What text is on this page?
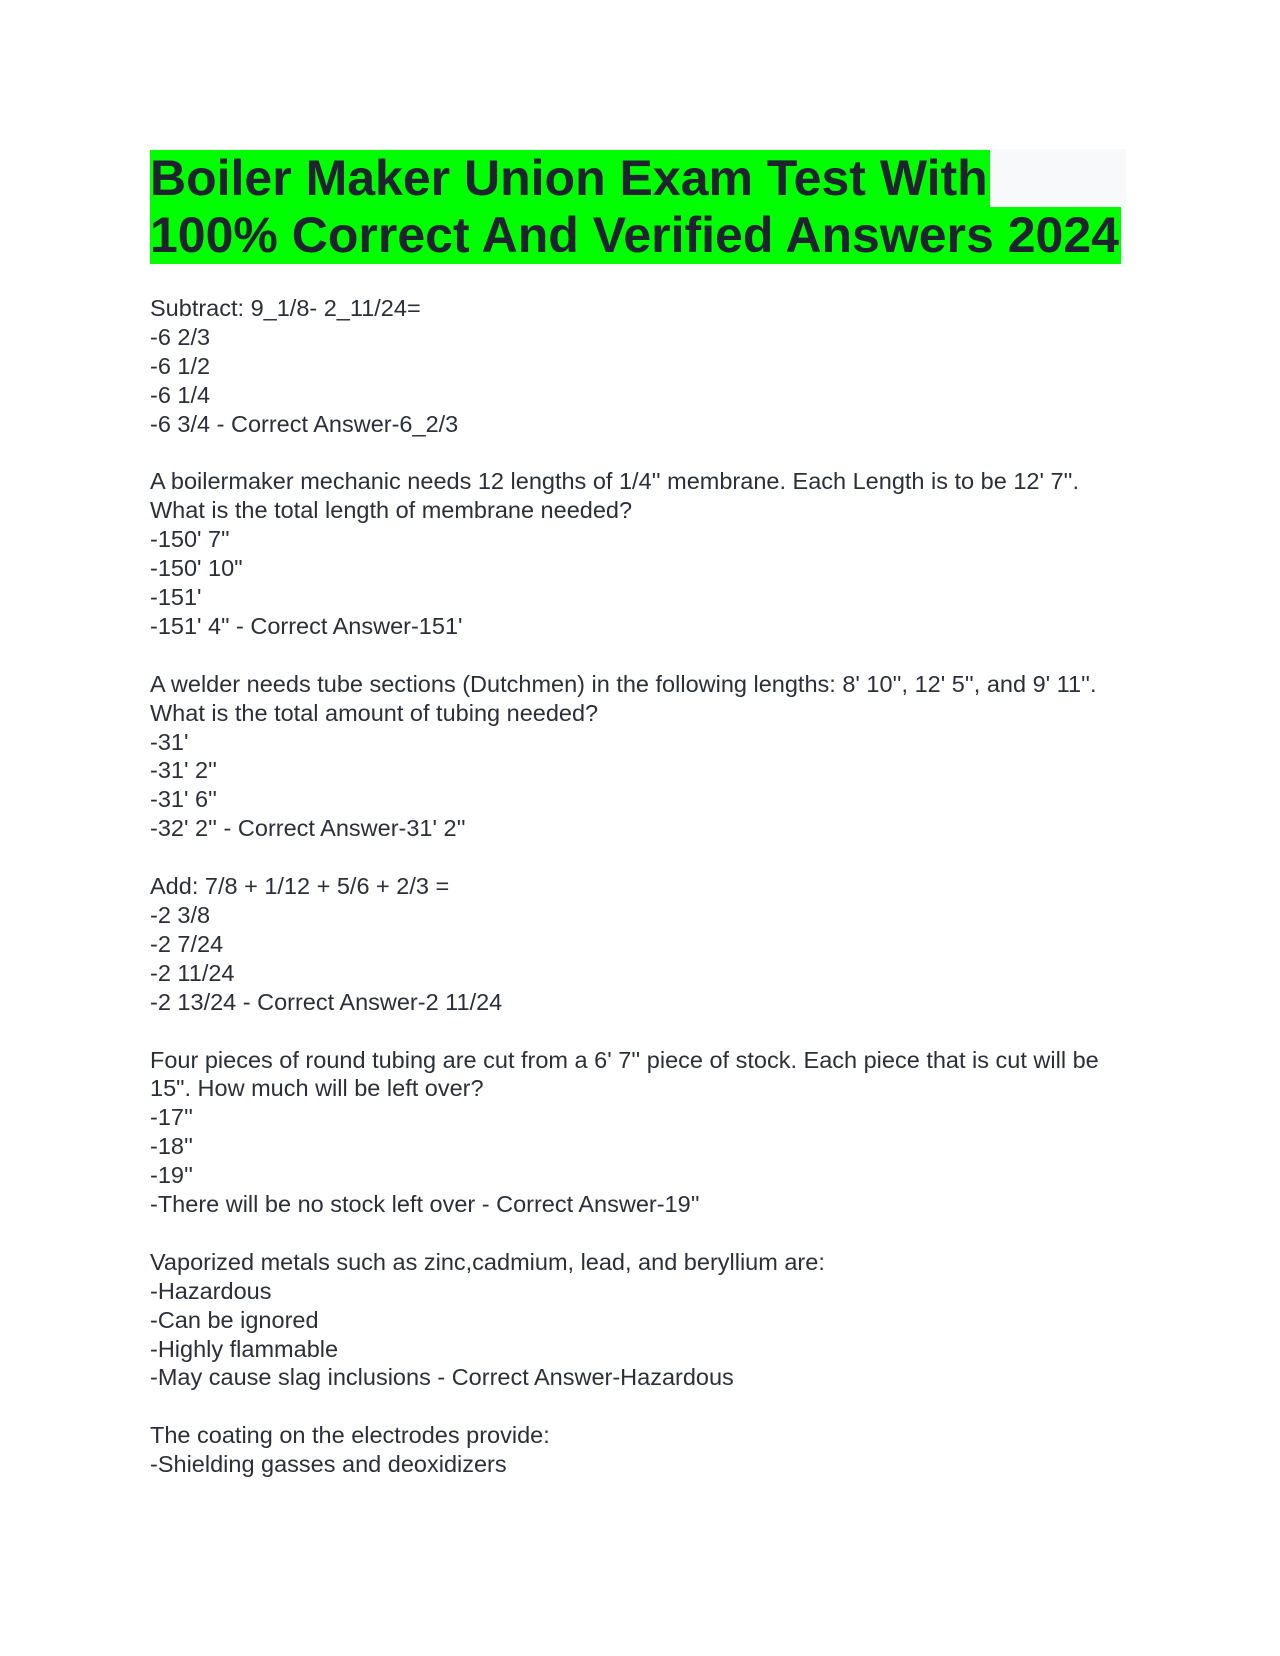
Boiler Maker Union Exam Test With
100% Correct And Verified Answers 2024
Subtract: 9_1/8- 2_11/24=
-6 2/3
-6 1/2
-6 1/4
-6 3/4 - Correct Answer-6_2/3
A boilermaker mechanic needs 12 lengths of 1/4'' membrane. Each Length is to be 12' 7''. What is the total length of membrane needed?
-150' 7"
-150' 10"
-151'
-151' 4" - Correct Answer-151'
A welder needs tube sections (Dutchmen) in the following lengths: 8' 10'', 12' 5'', and 9' 11''. What is the total amount of tubing needed?
-31'
-31' 2''
-31' 6''
-32' 2'' - Correct Answer-31' 2''
Add: 7/8 + 1/12 + 5/6 + 2/3 =
-2 3/8
-2 7/24
-2 11/24
-2 13/24 - Correct Answer-2 11/24
Four pieces of round tubing are cut from a 6' 7'' piece of stock. Each piece that is cut will be 15". How much will be left over?
-17''
-18''
-19''
-There will be no stock left over - Correct Answer-19''
Vaporized metals such as zinc,cadmium, lead, and beryllium are:
-Hazardous
-Can be ignored
-Highly flammable
-May cause slag inclusions - Correct Answer-Hazardous
The coating on the electrodes provide:
-Shielding gasses and deoxidizers
